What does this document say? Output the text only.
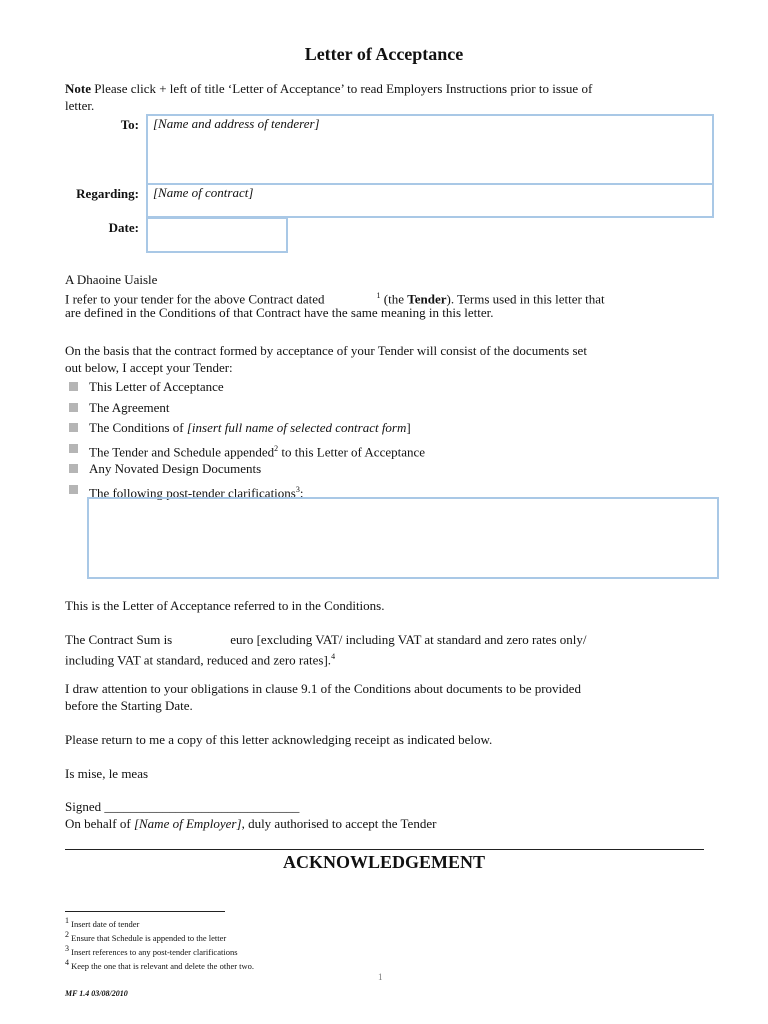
Letter of Acceptance
Note Please click + left of title ‘Letter of Acceptance’ to read Employers Instructions prior to issue of
letter.
To: [Name and address of tenderer]
Regarding: [Name of contract]
Date:
A Dhaoine Uaisle
I refer to your tender for the above Contract dated	$^1$ (the Tender). Terms used in this letter that
are defined in the Conditions of that Contract have the same meaning in this letter.
On the basis that the contract formed by acceptance of your Tender will consist of the documents set
out below, I accept your Tender:
This Letter of Acceptance
The Agreement
The Conditions of [insert full name of selected contract form]
The Tender and Schedule appended$^2$ to this Letter of Acceptance
Any Novated Design Documents
The following post-tender clarifications$^3$:
This is the Letter of Acceptance referred to in the Conditions.
The Contract Sum is	euro [excluding VAT/ including VAT at standard and zero rates only/
including VAT at standard, reduced and zero rates].$^4$
I draw attention to your obligations in clause 9.1 of the Conditions about documents to be provided
before the Starting Date.
Please return to me a copy of this letter acknowledging receipt as indicated below.
Is mise, le meas
Signed ______________________________
On behalf of [Name of Employer], duly authorised to accept the Tender
ACKNOWLEDGEMENT
$^1$ Insert date of tender
$^2$ Ensure that Schedule is appended to the letter
$^3$ Insert references to any post-tender clarifications
$^4$ Keep the one that is relevant and delete the other two.
1
MF 1.4 03/08/2010
